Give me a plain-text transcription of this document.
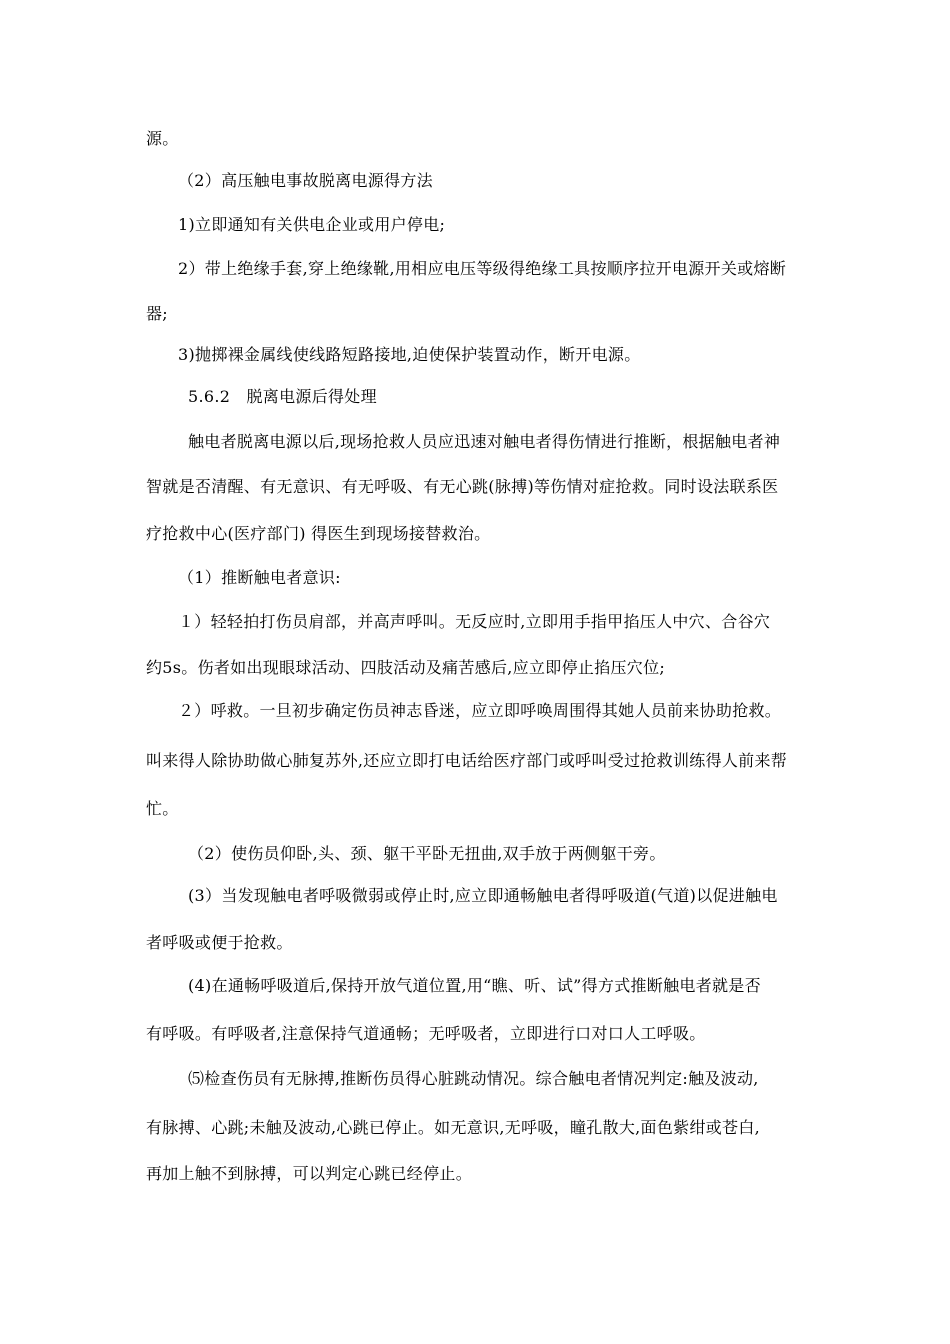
源。
（2）高压触电事故脱离电源得方法
1)立即通知有关供电企业或用户停电;
2）带上绝缘手套,穿上绝缘靴,用相应电压等级得绝缘工具按顺序拉开电源开关或熔断
器;
3)抛掷裸金属线使线路短路接地,迫使保护装置动作，断开电源。
5.6.2　脱离电源后得处理
触电者脱离电源以后,现场抢救人员应迅速对触电者得伤情进行推断，根据触电者神
智就是否清醒、有无意识、有无呼吸、有无心跳(脉搏)等伤情对症抢救。同时设法联系医
疗抢救中心(医疗部门) 得医生到现场接替救治。
（1）推断触电者意识:
１）轻轻拍打伤员肩部，并高声呼叫。无反应时,立即用手指甲掐压人中穴、合谷穴
约5s。伤者如出现眼球活动、四肢活动及痛苦感后,应立即停止掐压穴位;
２）呼救。一旦初步确定伤员神志昏迷，应立即呼唤周围得其她人员前来协助抢救。
叫来得人除协助做心肺复苏外,还应立即打电话给医疗部门或呼叫受过抢救训练得人前来帮
忙。
（2）使伤员仰卧,头、颈、躯干平卧无扭曲,双手放于两侧躯干旁。
(3）当发现触电者呼吸微弱或停止时,应立即通畅触电者得呼吸道(气道)以促进触电
者呼吸或便于抢救。
(4)在通畅呼吸道后,保持开放气道位置,用“瞧、听、试”得方式推断触电者就是否
有呼吸。有呼吸者,注意保持气道通畅；无呼吸者，立即进行口对口人工呼吸。
⑸检查伤员有无脉搏,推断伤员得心脏跳动情况。综合触电者情况判定:触及波动,
有脉搏、心跳;未触及波动,心跳已停止。如无意识,无呼吸，瞳孔散大,面色紫绀或苍白,
再加上触不到脉搏，可以判定心跳已经停止。
